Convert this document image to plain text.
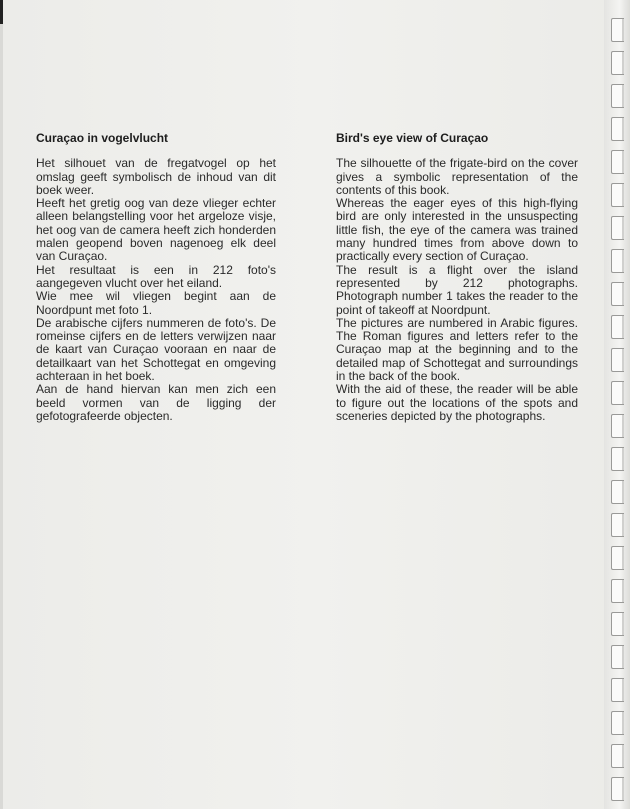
Curaçao in vogelvlucht

Het silhouet van de fregatvogel op het omslag geeft symbolisch de inhoud van dit boek weer.

Heeft het gretig oog van deze vlieger echter alleen belangstelling voor het argeloze visje, het oog van de camera heeft zich honderden malen geopend boven nagenoeg elk deel van Curaçao.

Het resultaat is een in 212 foto's aangegeven vlucht over het eiland.

Wie mee wil vliegen begint aan de Noordpunt met foto 1.

De arabische cijfers nummeren de foto's. De romeinse cijfers en de letters verwijzen naar de kaart van Curaçao vooraan en naar de detailkaart van het Schottegat en omgeving achteraan in het boek.

Aan de hand hiervan kan men zich een beeld vormen van de ligging der gefotografeerde objecten.

Bird's eye view of Curaçao

The silhouette of the frigate-bird on the cover gives a symbolic representation of the contents of this book.

Whereas the eager eyes of this high-flying bird are only interested in the unsuspecting little fish, the eye of the camera was trained many hundred times from above down to practically every section of Curaçao.

The result is a flight over the island represented by 212 photographs. Photograph number 1 takes the reader to the point of takeoff at Noordpunt.

The pictures are numbered in Arabic figures. The Roman figures and letters refer to the Curaçao map at the beginning and to the detailed map of Schottegat and surroundings in the back of the book.

With the aid of these, the reader will be able to figure out the locations of the spots and sceneries depicted by the photographs.
